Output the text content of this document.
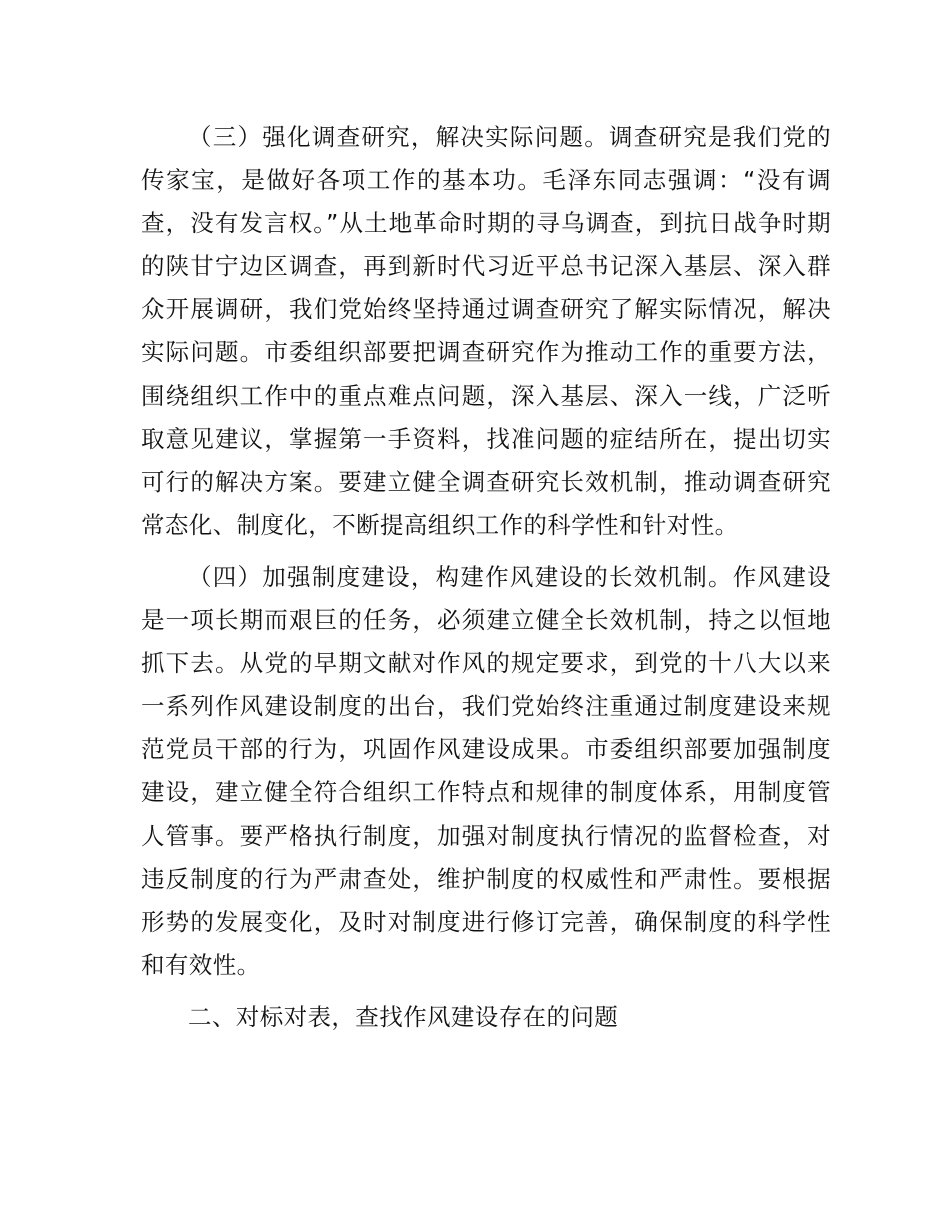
（三）强化调查研究，解决实际问题。调查研究是我们党的传家宝，是做好各项工作的基本功。毛泽东同志强调：“没有调查，没有发言权。”从土地革命时期的寻乌调查，到抗日战争时期的陕甘宁边区调查，再到新时代习近平总书记深入基层、深入群众开展调研，我们党始终坚持通过调查研究了解实际情况，解决实际问题。市委组织部要把调查研究作为推动工作的重要方法，围绕组织工作中的重点难点问题，深入基层、深入一线，广泛听取意见建议，掌握第一手资料，找准问题的症结所在，提出切实可行的解决方案。要建立健全调查研究长效机制，推动调查研究常态化、制度化，不断提高组织工作的科学性和针对性。

（四）加强制度建设，构建作风建设的长效机制。作风建设是一项长期而艰巨的任务，必须建立健全长效机制，持之以恒地抓下去。从党的早期文献对作风的规定要求，到党的十八大以来一系列作风建设制度的出台，我们党始终注重通过制度建设来规范党员干部的行为，巩固作风建设成果。市委组织部要加强制度建设，建立健全符合组织工作特点和规律的制度体系，用制度管人管事。要严格执行制度，加强对制度执行情况的监督检查，对违反制度的行为严肃查处，维护制度的权威性和严肃性。要根据形势的发展变化，及时对制度进行修订完善，确保制度的科学性和有效性。

二、对标对表，查找作风建设存在的问题
